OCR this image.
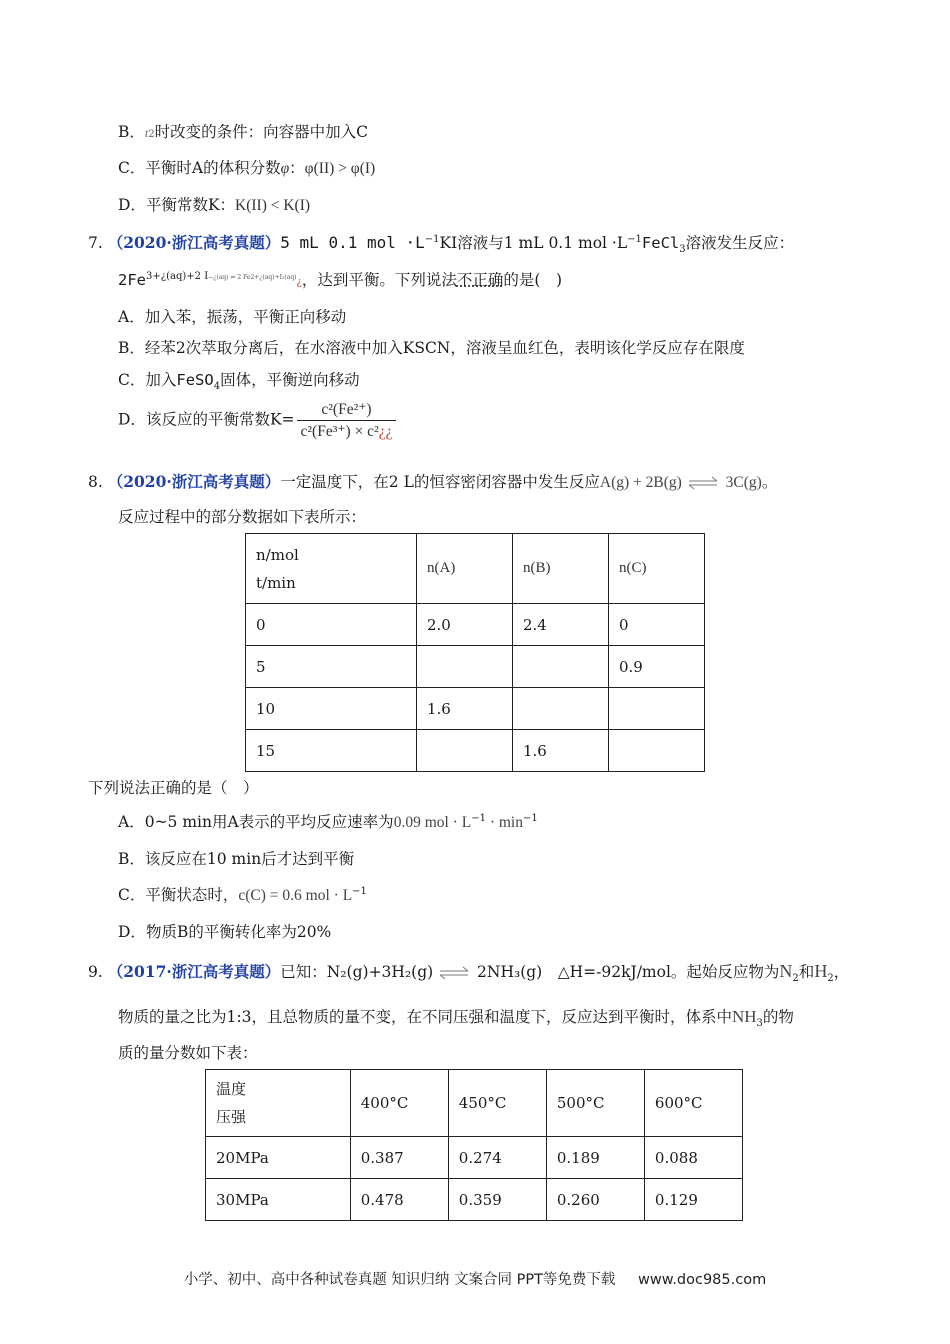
B．t2时改变的条件：向容器中加入C
C．平衡时A的体积分数φ：φ(II) > φ(I)
D．平衡常数K：K(II) < K(I)
7. （2020·浙江高考真题）5 mL 0.1 mol $\cdot L^{-1}KI$溶液与1 mL 0.1 mol $\cdot L^{-1}FeCl_3$溶液发生反应：
$2Fe^{3+¿(aq)+2 I-¿(aq) \rightleftharpoons 2 Fe2+¿(aq)+I_2(aq)}¿$，达到平衡。下列说法不正确的是(　)
A．加入苯，振荡，平衡正向移动
B．经苯2次萃取分离后，在水溶液中加入KSCN，溶液呈血红色，表明该化学反应存在限度
C．加入FeSO$_4$固体，平衡逆向移动
D．该反应的平衡常数$K= \frac{\text{c²(Fe²⁺)}}{\text{c²(Fe³⁺) × c²¿¿}}$
8. （2020·浙江高考真题）一定温度下，在2 L的恒容密闭容器中发生反应A(g) + 2B(g) ⇌ 3C(g)。
反应过程中的部分数据如下表所示：
n/mol
t/min	n(A)	n(B)	n(C)
0	2.0	2.4	0
5			0.9
10	1.6		
15		1.6	
下列说法正确的是（　）
A．0~5 min用A表示的平均反应速率为0.09 mol · $L^{-1} \cdot \min^{-1}$
B．该反应在10 min后才达到平衡
C．平衡状态时，c(C) = 0.6 mol · $L^{-1}$
D．物质B的平衡转化率为20%
9. （2017·浙江高考真题）已知：N₂(g)+3H₂(g) ⇌ 2NH₃(g)　△H=-92kJ/mol。起始反应物为$N_2$和$H_2$，
物质的量之比为1:3，且总物质的量不变，在不同压强和温度下，反应达到平衡时，体系中$NH_3$的物
质的量分数如下表：
温度
压强	400°C	450°C	500°C	600°C
20MPa	0.387	0.274	0.189	0.088
30MPa	0.478	0.359	0.260	0.129
小学、初中、高中各种试卷真题 知识归纳 文案合同 PPT等免费下载 www.doc985.com
